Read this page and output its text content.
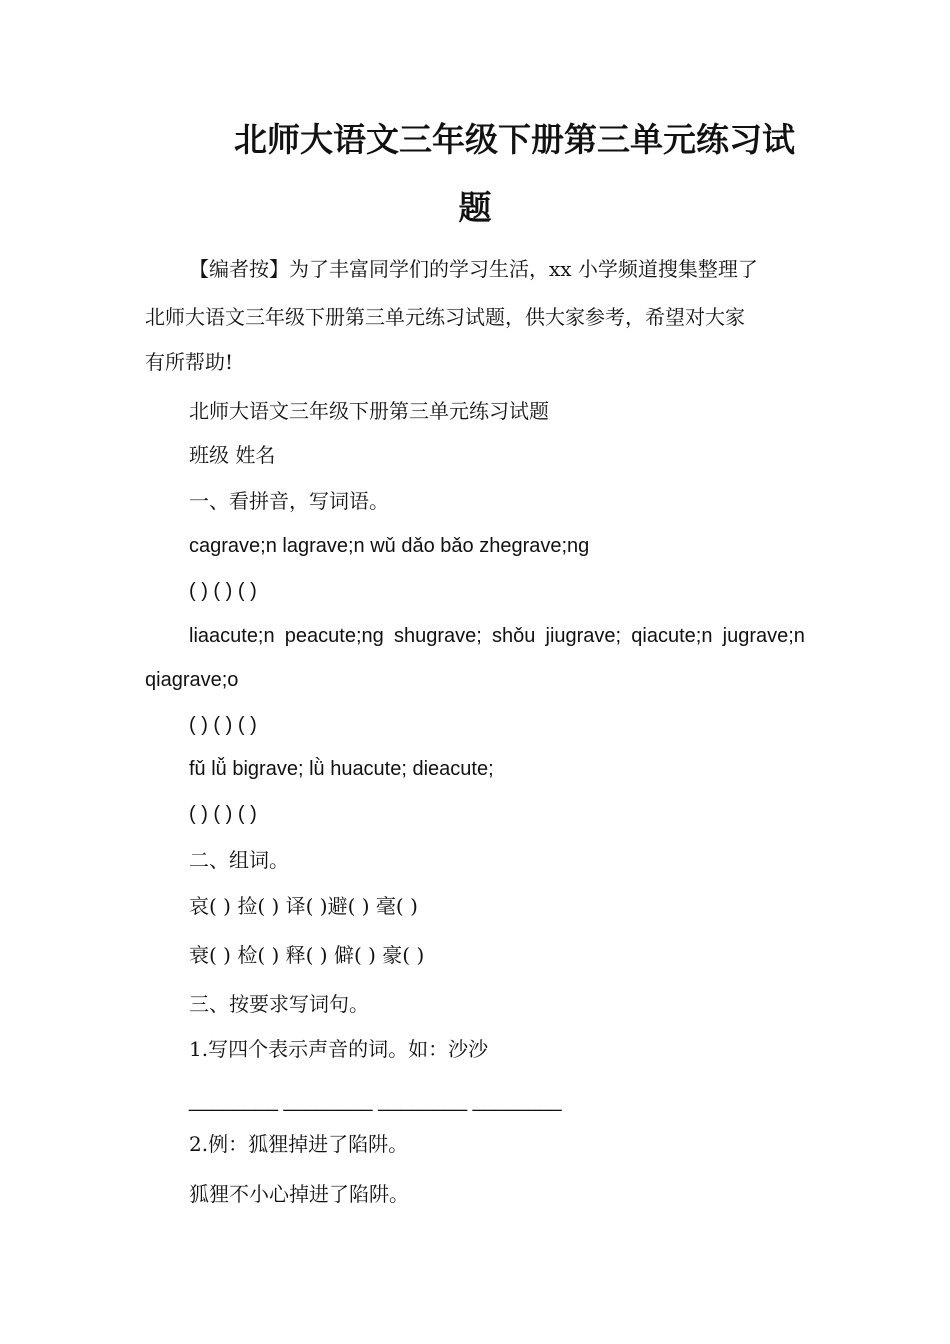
北师大语文三年级下册第三单元练习试
题
【编者按】为了丰富同学们的学习生活，xx 小学频道搜集整理了
北师大语文三年级下册第三单元练习试题，供大家参考，希望对大家
有所帮助!
北师大语文三年级下册第三单元练习试题
班级 姓名
一、看拼音，写词语。
cagrave;n lagrave;n wǔ dǎo bǎo zhegrave;ng
( ) ( ) ( )
liaacute;n peacute;ng shugrave; shǒu jiugrave; qiacute;n jugrave;n
qiagrave;o
( ) ( ) ( )
fǔ lǚ bigrave; lǜ huacute; dieacute;
( ) ( ) ( )
二、组词。
哀( ) 捡( ) 译( )避( ) 毫( )
衰( ) 检( ) 释( ) 僻( ) 豪( )
三、按要求写词句。
1.写四个表示声音的词。如：沙沙
________ ________ ________ ________
2.例：狐狸掉进了陷阱。
狐狸不小心掉进了陷阱。
